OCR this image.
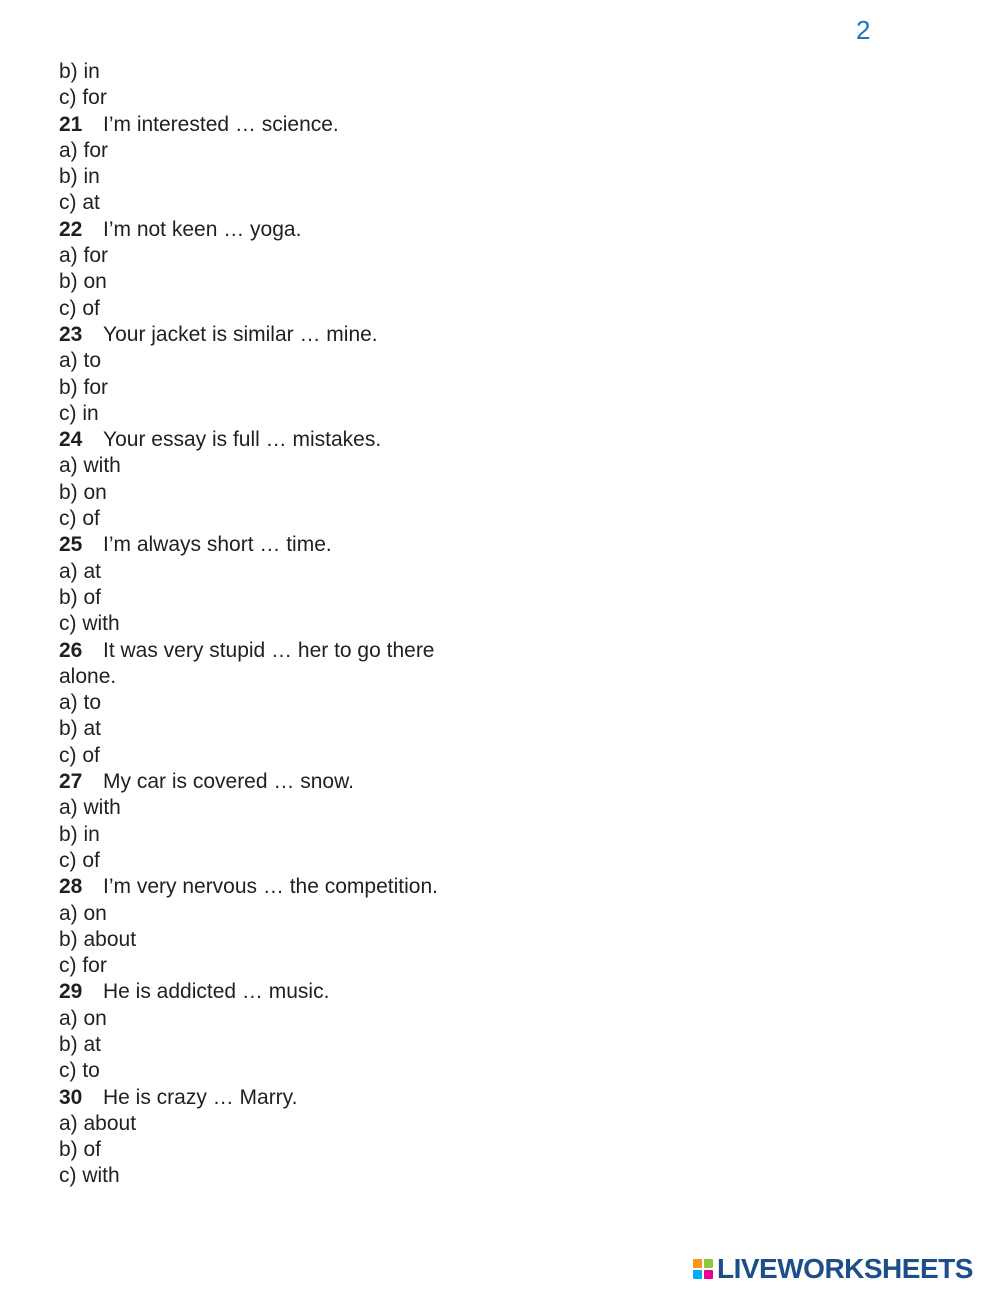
2

b) in

c) for

21 I’m interested … science.

a) for

b) in

c) at

22 I’m not keen … yoga.

a) for

b) on

c) of

23 Your jacket is similar … mine.

a) to

b) for

c) in

24 Your essay is full … mistakes.

a) with

b) on

c) of

25 I’m always short … time.

a) at

b) of

c) with

26 It was very stupid … her to go there

alone.

a) to

b) at

c) of

27 My car is covered … snow.

a) with

b) in

c) of

28 I’m very nervous … the competition.

a) on

b) about

c) for

29 He is addicted … music.

a) on

b) at

c) to

30 He is crazy … Marry.

a) about

b) of

c) with

LIVEWORKSHEETS
